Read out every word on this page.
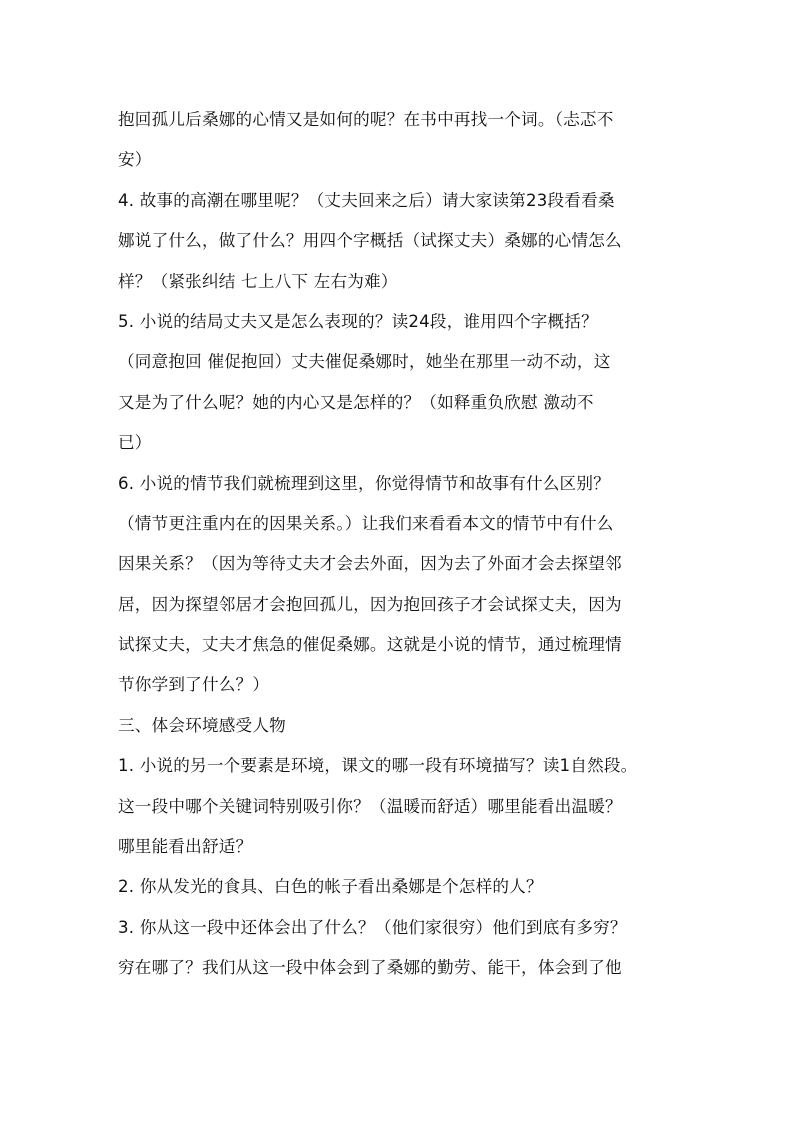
抱回孤儿后桑娜的心情又是如何的呢？在书中再找一个词。（忐忑不
安）
4. 故事的高潮在哪里呢？（丈夫回来之后）请大家读第23段看看桑
娜说了什么，做了什么？用四个字概括（试探丈夫）桑娜的心情怎么
样？（紧张纠结 七上八下 左右为难）
5. 小说的结局丈夫又是怎么表现的？读24段，谁用四个字概括？
（同意抱回 催促抱回）丈夫催促桑娜时，她坐在那里一动不动，这
又是为了什么呢？她的内心又是怎样的？（如释重负欣慰 激动不
已）
6. 小说的情节我们就梳理到这里，你觉得情节和故事有什么区别？
（情节更注重内在的因果关系。）让我们来看看本文的情节中有什么
因果关系？（因为等待丈夫才会去外面，因为去了外面才会去探望邻
居，因为探望邻居才会抱回孤儿，因为抱回孩子才会试探丈夫，因为
试探丈夫，丈夫才焦急的催促桑娜。这就是小说的情节，通过梳理情
节你学到了什么？）
三、体会环境感受人物
1. 小说的另一个要素是环境，课文的哪一段有环境描写？读1自然段。
这一段中哪个关键词特别吸引你？（温暖而舒适）哪里能看出温暖？
哪里能看出舒适？
2. 你从发光的食具、白色的帐子看出桑娜是个怎样的人？
3. 你从这一段中还体会出了什么？（他们家很穷）他们到底有多穷？
穷在哪了？我们从这一段中体会到了桑娜的勤劳、能干，体会到了他
